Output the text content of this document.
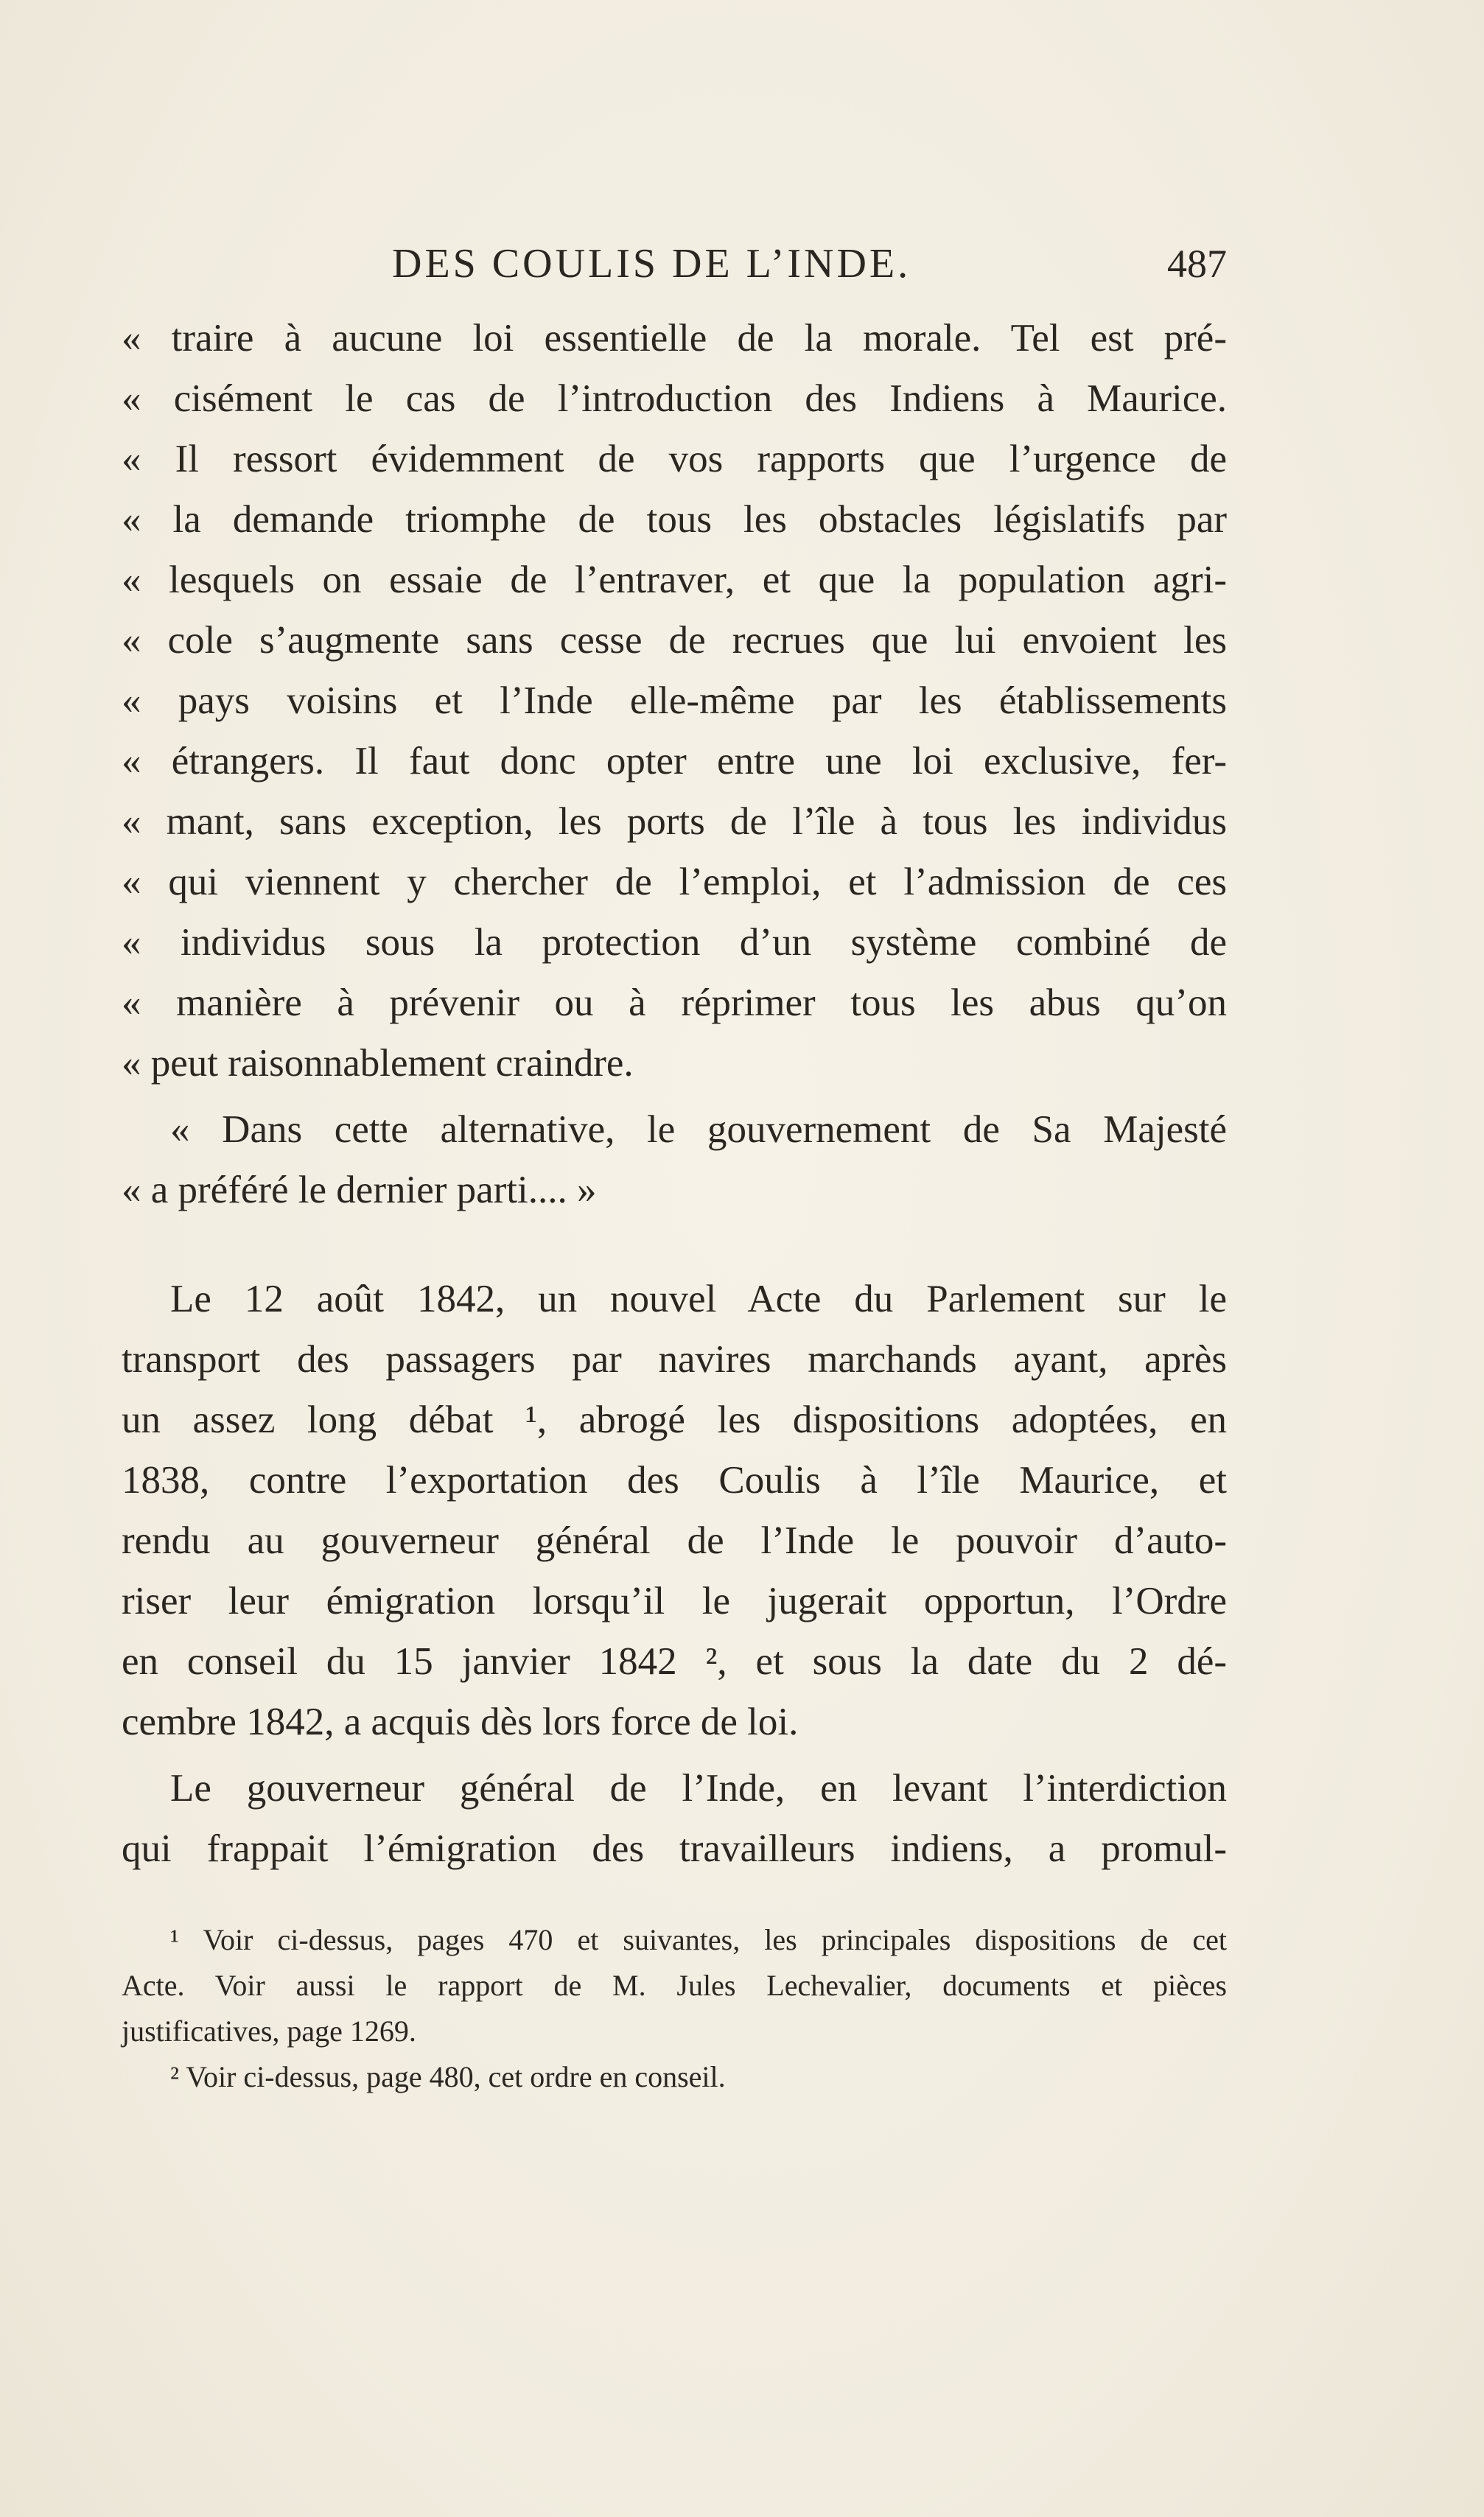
DES COULIS DE L’INDE.	487
« traire à aucune loi essentielle de la morale. Tel est pré-
« cisément le cas de l’introduction des Indiens à Maurice.
« Il ressort évidemment de vos rapports que l’urgence de
« la demande triomphe de tous les obstacles législatifs par
« lesquels on essaie de l’entraver, et que la population agri-
« cole s’augmente sans cesse de recrues que lui envoient les
« pays voisins et l’Inde elle-même par les établissements
« étrangers. Il faut donc opter entre une loi exclusive, fer-
« mant, sans exception, les ports de l’île à tous les individus
« qui viennent y chercher de l’emploi, et l’admission de ces
« individus sous la protection d’un système combiné de
« manière à prévenir ou à réprimer tous les abus qu’on
« peut raisonnablement craindre.
« Dans cette alternative, le gouvernement de Sa Majesté
« a préféré le dernier parti.... »
Le 12 août 1842, un nouvel Acte du Parlement sur le
transport des passagers par navires marchands ayant, après
un assez long débat ¹, abrogé les dispositions adoptées, en
1838, contre l’exportation des Coulis à l’île Maurice, et
rendu au gouverneur général de l’Inde le pouvoir d’auto-
riser leur émigration lorsqu’il le jugerait opportun, l’Ordre
en conseil du 15 janvier 1842 ², et sous la date du 2 dé-
cembre 1842, a acquis dès lors force de loi.
Le gouverneur général de l’Inde, en levant l’interdiction
qui frappait l’émigration des travailleurs indiens, a promul-
¹ Voir ci-dessus, pages 470 et suivantes, les principales dispositions de cet
Acte. Voir aussi le rapport de M. Jules Lechevalier, documents et pièces
justificatives, page 1269.
² Voir ci-dessus, page 480, cet ordre en conseil.
